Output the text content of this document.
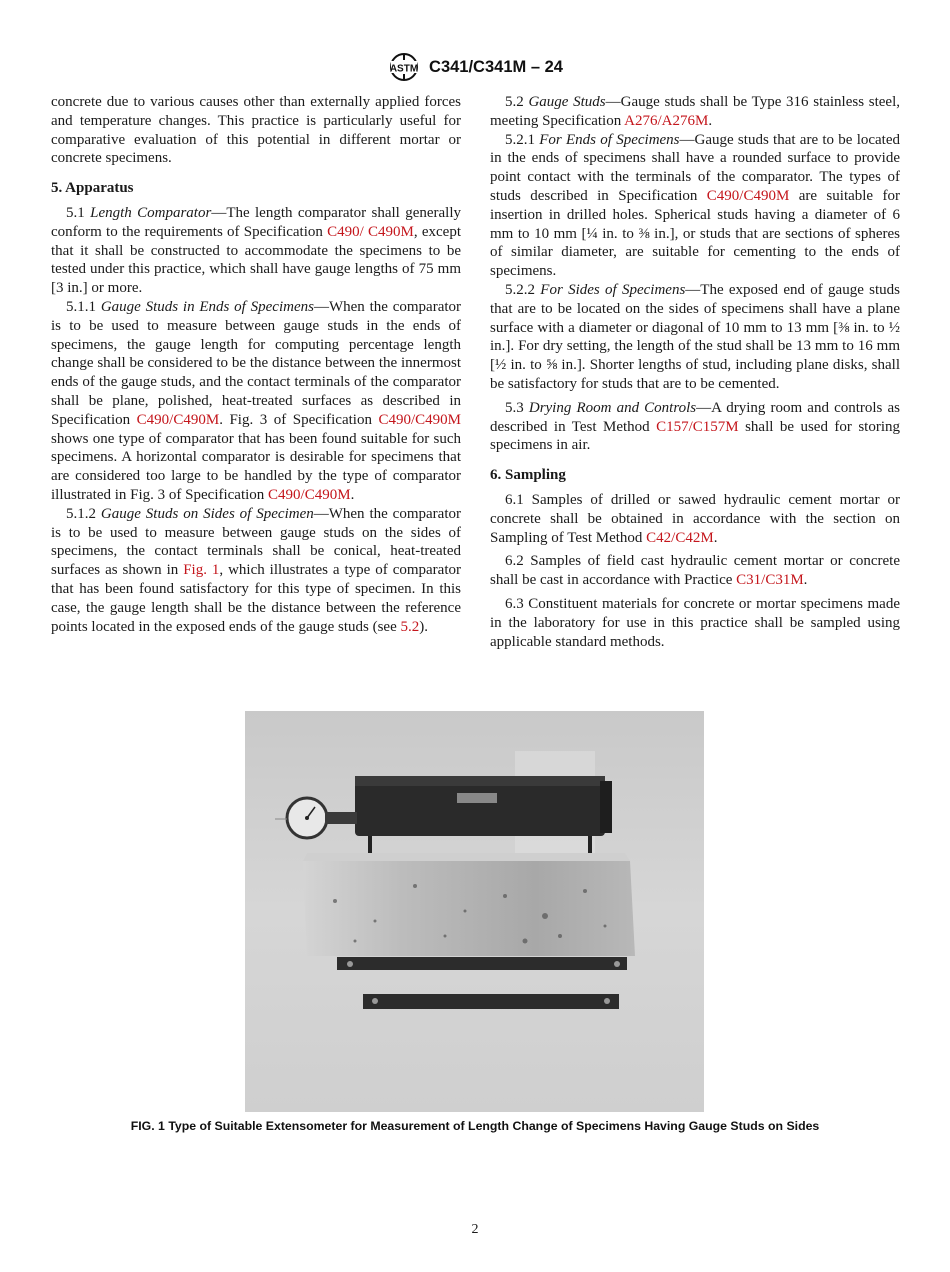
ASTM C341/C341M – 24

concrete due to various causes other than externally applied forces and temperature changes. This practice is particularly useful for comparative evaluation of this potential in different mortar or concrete specimens.

5. Apparatus

5.1 Length Comparator—The length comparator shall generally conform to the requirements of Specification C490/ C490M, except that it shall be constructed to accommodate the specimens to be tested under this practice, which shall have gauge lengths of 75 mm [3 in.] or more.

5.1.1 Gauge Studs in Ends of Specimens—When the comparator is to be used to measure between gauge studs in the ends of specimens, the gauge length for computing percentage length change shall be considered to be the distance between the innermost ends of the gauge studs, and the contact terminals of the comparator shall be plane, polished, heat-treated surfaces as described in Specification C490/C490M. Fig. 3 of Specification C490/C490M shows one type of comparator that has been found suitable for such specimens. A horizontal comparator is desirable for specimens that are considered too large to be handled by the type of comparator illustrated in Fig. 3 of Specification C490/C490M.

5.1.2 Gauge Studs on Sides of Specimen—When the comparator is to be used to measure between gauge studs on the sides of specimens, the contact terminals shall be conical, heat-treated surfaces as shown in Fig. 1, which illustrates a type of comparator that has been found satisfactory for this type of specimen. In this case, the gauge length shall be the distance between the reference points located in the exposed ends of the gauge studs (see 5.2).

5.2 Gauge Studs—Gauge studs shall be Type 316 stainless steel, meeting Specification A276/A276M.

5.2.1 For Ends of Specimens—Gauge studs that are to be located in the ends of specimens shall have a rounded surface to provide point contact with the terminals of the comparator. The types of studs described in Specification C490/C490M are suitable for insertion in drilled holes. Spherical studs having a diameter of 6 mm to 10 mm [¼ in. to ⅜ in.], or studs that are sections of spheres of similar diameter, are suitable for cementing to the ends of specimens.

5.2.2 For Sides of Specimens—The exposed end of gauge studs that are to be located on the sides of specimens shall have a plane surface with a diameter or diagonal of 10 mm to 13 mm [⅜ in. to ½ in.]. For dry setting, the length of the stud shall be 13 mm to 16 mm [½ in. to ⅝ in.]. Shorter lengths of stud, including plane disks, shall be satisfactory for studs that are to be cemented.

5.3 Drying Room and Controls—A drying room and controls as described in Test Method C157/C157M shall be used for storing specimens in air.

6. Sampling

6.1 Samples of drilled or sawed hydraulic cement mortar or concrete shall be obtained in accordance with the section on Sampling of Test Method C42/C42M.

6.2 Samples of field cast hydraulic cement mortar or concrete shall be cast in accordance with Practice C31/C31M.

6.3 Constituent materials for concrete or mortar specimens made in the laboratory for use in this practice shall be sampled using applicable standard methods.

FIG. 1 Type of Suitable Extensometer for Measurement of Length Change of Specimens Having Gauge Studs on Sides
2
